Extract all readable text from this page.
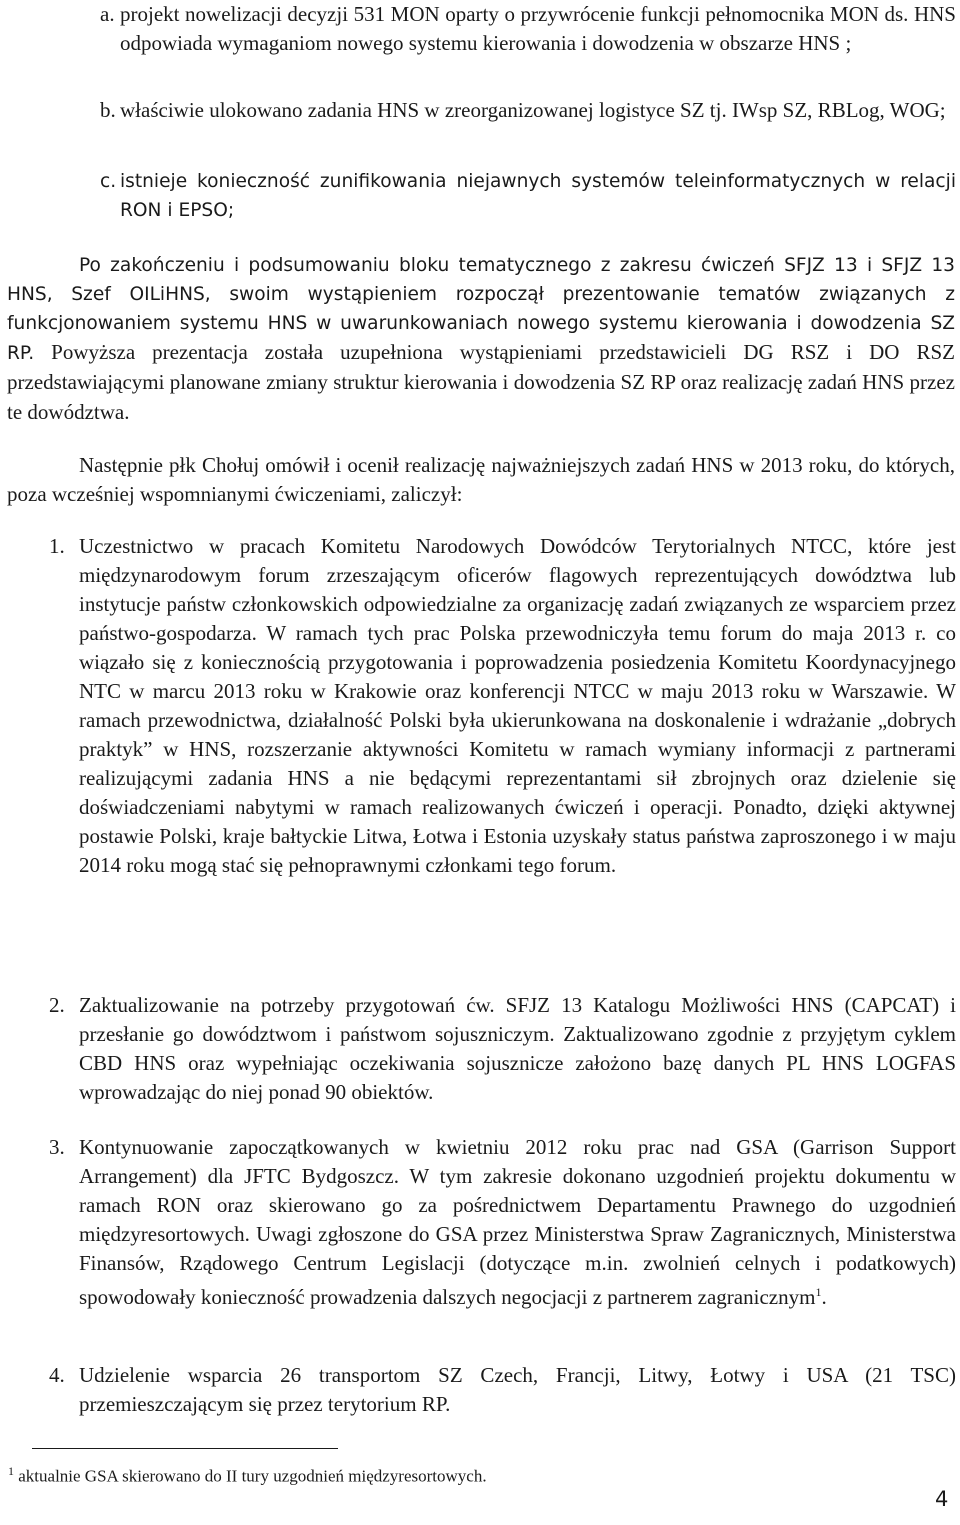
a. projekt nowelizacji decyzji 531 MON oparty o przywrócenie funkcji pełnomocnika MON ds. HNS odpowiada wymaganiom nowego systemu kierowania i dowodzenia w obszarze HNS ;
b. właściwie ulokowano zadania HNS w zreorganizowanej logistyce SZ tj. IWsp SZ, RBLog, WOG;
c. istnieje konieczność zunifikowania niejawnych systemów teleinformatycznych w relacji RON i EPSO;
Po zakończeniu i podsumowaniu bloku tematycznego z zakresu ćwiczeń SFJZ 13 i SFJZ 13 HNS, Szef OILiHNS, swoim wystąpieniem rozpoczął prezentowanie tematów związanych z funkcjonowaniem systemu HNS w uwarunkowaniach nowego systemu kierowania i dowodzenia SZ RP. Powyższa prezentacja została uzupełniona wystąpieniami przedstawicieli DG RSZ i DO RSZ przedstawiającymi planowane zmiany struktur kierowania i dowodzenia SZ RP oraz realizację zadań HNS przez te dowództwa.
Następnie płk Chołuj omówił i ocenił realizację najważniejszych zadań HNS w 2013 roku, do których, poza wcześniej wspomnianymi ćwiczeniami, zaliczył:
1. Uczestnictwo w pracach Komitetu Narodowych Dowódców Terytorialnych NTCC, które jest międzynarodowym forum zrzeszającym oficerów flagowych reprezentujących dowództwa lub instytucje państw członkowskich odpowiedzialne za organizację zadań związanych ze wsparciem przez państwo-gospodarza. W ramach tych prac Polska przewodniczyła temu forum do maja 2013 r. co wiązało się z koniecznością przygotowania i poprowadzenia posiedzenia Komitetu Koordynacyjnego NTC w marcu 2013 roku w Krakowie oraz konferencji NTCC w maju 2013 roku w Warszawie. W ramach przewodnictwa, działalność Polski była ukierunkowana na doskonalenie i wdrażanie „dobrych praktyk” w HNS, rozszerzanie aktywności Komitetu w ramach wymiany informacji z partnerami realizującymi zadania HNS a nie będącymi reprezentantami sił zbrojnych oraz dzielenie się doświadczeniami nabytymi w ramach realizowanych ćwiczeń i operacji. Ponadto, dzięki aktywnej postawie Polski, kraje bałtyckie Litwa, Łotwa i Estonia uzyskały status państwa zaproszonego i w maju 2014 roku mogą stać się pełnoprawnymi członkami tego forum.
2. Zaktualizowanie na potrzeby przygotowań ćw. SFJZ 13 Katalogu Możliwości HNS (CAPCAT) i przesłanie go dowództwom i państwom sojuszniczym. Zaktualizowano zgodnie z przyjętym cyklem CBD HNS oraz wypełniając oczekiwania sojusznicze założono bazę danych PL HNS LOGFAS wprowadzając do niej ponad 90 obiektów.
3. Kontynuowanie zapoczątkowanych w kwietniu 2012 roku prac nad GSA (Garrison Support Arrangement) dla JFTC Bydgoszcz. W tym zakresie dokonano uzgodnień projektu dokumentu w ramach RON oraz skierowano go za pośrednictwem Departamentu Prawnego do uzgodnień międzyresortowych. Uwagi zgłoszone do GSA przez Ministerstwa Spraw Zagranicznych, Ministerstwa Finansów, Rządowego Centrum Legislacji (dotyczące m.in. zwolnień celnych i podatkowych) spowodowały konieczność prowadzenia dalszych negocjacji z partnerem zagranicznym$^1$.
4. Udzielenie wsparcia 26 transportom SZ Czech, Francji, Litwy, Łotwy i USA (21 TSC) przemieszczającym się przez terytorium RP.
$^1$ aktualnie GSA skierowano do II tury uzgodnień międzyresortowych.
4
